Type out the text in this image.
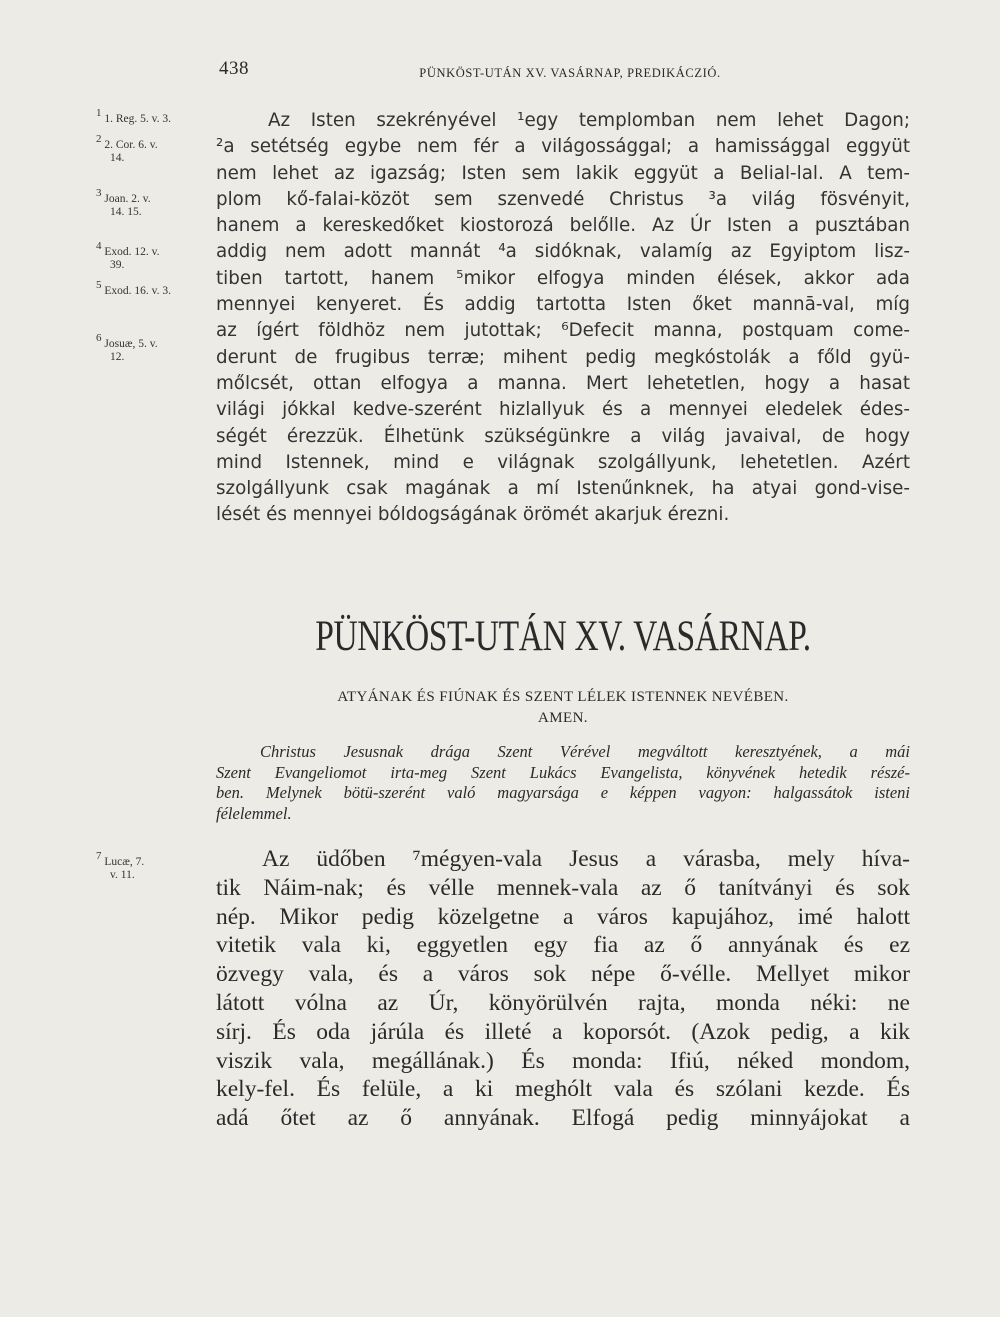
438	PÜNKÖST-UTÁN XV. VASÁRNAP, PREDIKÁCZIÓ.
$^1$ 1. Reg. 5. v. 3.
$^2$ 2. Cor. 6. v.
14.
$^3$ Joan. 2. v.
14. 15.
$^4$ Exod. 12. v.
39.
$^5$ Exod. 16. v. 3.
$^6$ Josuæ, 5. v.
12.
$^7$ Lucæ, 7.
v. 11.
Az Isten szekrényével ¹egy templomban nem lehet Dagon;
²a setétség egybe nem fér a világossággal; a hamissággal eggyüt
nem lehet az igazság; Isten sem lakik eggyüt a Belial-lal. A tem-
plom kő-falai-közöt sem szenvedé Christus ³a világ fösvényit,
hanem a kereskedőket kiostorozá belőlle. Az Úr Isten a pusztában
addig nem adott mannát ⁴a sidóknak, valamíg az Egyiptom lisz-
tiben tartott, hanem ⁵mikor elfogya minden élések, akkor ada
mennyei kenyeret. És addig tartotta Isten őket mannā-val, míg
az ígért földhöz nem jutottak; ⁶Defecit manna, postquam come-
derunt de frugibus terræ; mihent pedig megkóstolák a főld gyü-
mőlcsét, ottan elfogya a manna. Mert lehetetlen, hogy a hasat
világi jókkal kedve-szerént hizlallyuk és a mennyei eledelek édes-
ségét érezzük. Élhetünk szükségünkre a világ javaival, de hogy
mind Istennek, mind e világnak szolgállyunk, lehetetlen. Azért
szolgállyunk csak magának a mí Istenűnknek, ha atyai gond-vise-
lését és mennyei bóldogságának örömét akarjuk érezni.
PÜNKÖST-UTÁN XV. VASÁRNAP.
ATYÁNAK ÉS FIÚNAK ÉS SZENT LÉLEK ISTENNEK NEVÉBEN.
AMEN.
Christus Jesusnak drága Szent Vérével megváltott keresztyének, a mái
Szent Evangeliomot irta-meg Szent Lukács Evangelista, könyvének hetedik részé-
ben. Melynek bötü-szerént való magyarsága e képpen vagyon: halgassátok isteni
félelemmel.
Az üdőben ⁷mégyen-vala Jesus a várasba, mely híva-
tik Náim-nak; és vélle mennek-vala az ő tanítványi és sok
nép. Mikor pedig közelgetne a város kapujához, imé halott
vitetik vala ki, eggyetlen egy fia az ő annyának és ez
özvegy vala, és a város sok népe ő-vélle. Mellyet mikor
látott vólna az Úr, könyörülvén rajta, monda néki: ne
sírj. És oda járúla és illeté a koporsót. (Azok pedig, a kik
viszik vala, megállának.) És monda: Ifiú, néked mondom,
kely-fel. És felüle, a ki meghólt vala és szólani kezde. És
adá őtet az ő annyának. Elfogá pedig minnyájokat a
